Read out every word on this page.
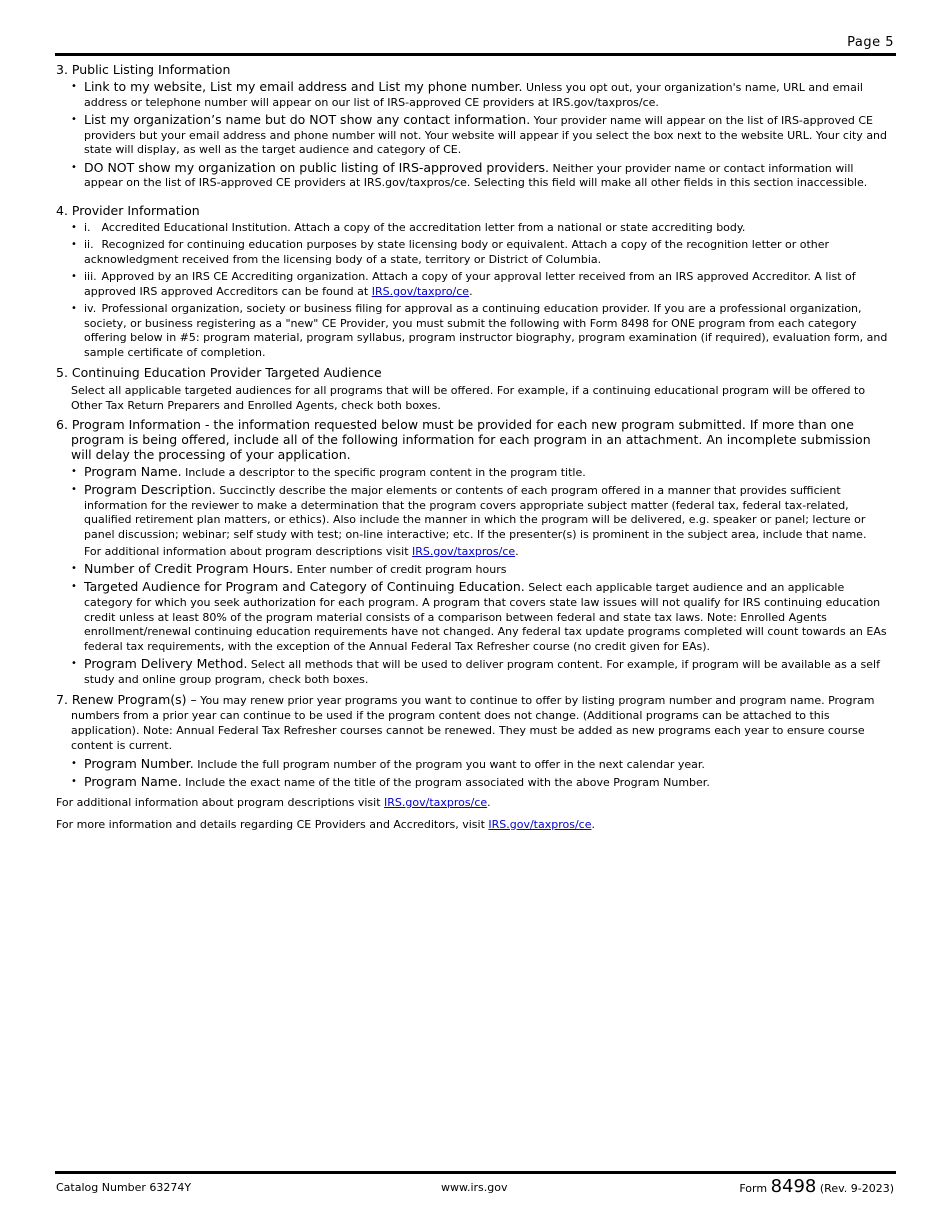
Page 5
3. Public Listing Information
• Link to my website, List my email address and List my phone number. Unless you opt out, your organization's name, URL and email address or telephone number will appear on our list of IRS-approved CE providers at IRS.gov/taxpros/ce.
• List my organization’s name but do NOT show any contact information. Your provider name will appear on the list of IRS-approved CE providers but your email address and phone number will not. Your website will appear if you select the box next to the website URL. Your city and state will display, as well as the target audience and category of CE.
• DO NOT show my organization on public listing of IRS-approved providers. Neither your provider name or contact information will appear on the list of IRS-approved CE providers at IRS.gov/taxpros/ce. Selecting this field will make all other fields in this section inaccessible.
4. Provider Information
• i. Accredited Educational Institution. Attach a copy of the accreditation letter from a national or state accrediting body.
• ii. Recognized for continuing education purposes by state licensing body or equivalent. Attach a copy of the recognition letter or other acknowledgment received from the licensing body of a state, territory or District of Columbia.
• iii. Approved by an IRS CE Accrediting organization. Attach a copy of your approval letter received from an IRS approved Accreditor. A list of approved IRS approved Accreditors can be found at IRS.gov/taxpro/ce.
• iv. Professional organization, society or business filing for approval as a continuing education provider. If you are a professional organization, society, or business registering as a "new" CE Provider, you must submit the following with Form 8498 for ONE program from each category offering below in #5: program material, program syllabus, program instructor biography, program examination (if required), evaluation form, and sample certificate of completion.
5. Continuing Education Provider Targeted Audience
Select all applicable targeted audiences for all programs that will be offered. For example, if a continuing educational program will be offered to Other Tax Return Preparers and Enrolled Agents, check both boxes.
6. Program Information - the information requested below must be provided for each new program submitted. If more than one program is being offered, include all of the following information for each program in an attachment. An incomplete submission will delay the processing of your application.
• Program Name. Include a descriptor to the specific program content in the program title.
• Program Description. Succinctly describe the major elements or contents of each program offered in a manner that provides sufficient information for the reviewer to make a determination that the program covers appropriate subject matter (federal tax, federal tax-related, qualified retirement plan matters, or ethics). Also include the manner in which the program will be delivered, e.g. speaker or panel; lecture or panel discussion; webinar; self study with test; on-line interactive; etc. If the presenter(s) is prominent in the subject area, include that name.
For additional information about program descriptions visit IRS.gov/taxpros/ce.
• Number of Credit Program Hours. Enter number of credit program hours
• Targeted Audience for Program and Category of Continuing Education. Select each applicable target audience and an applicable category for which you seek authorization for each program. A program that covers state law issues will not qualify for IRS continuing education credit unless at least 80% of the program material consists of a comparison between federal and state tax laws. Note: Enrolled Agents enrollment/renewal continuing education requirements have not changed. Any federal tax update programs completed will count towards an EAs federal tax requirements, with the exception of the Annual Federal Tax Refresher course (no credit given for EAs).
• Program Delivery Method. Select all methods that will be used to deliver program content. For example, if program will be available as a self study and online group program, check both boxes.
7. Renew Program(s) – You may renew prior year programs you want to continue to offer by listing program number and program name. Program numbers from a prior year can continue to be used if the program content does not change. (Additional programs can be attached to this application). Note: Annual Federal Tax Refresher courses cannot be renewed. They must be added as new programs each year to ensure course content is current.
• Program Number. Include the full program number of the program you want to offer in the next calendar year.
• Program Name. Include the exact name of the title of the program associated with the above Program Number.
For additional information about program descriptions visit IRS.gov/taxpros/ce.
For more information and details regarding CE Providers and Accreditors, visit IRS.gov/taxpros/ce.
Catalog Number 63274Y	www.irs.gov	Form 8498 (Rev. 9-2023)
